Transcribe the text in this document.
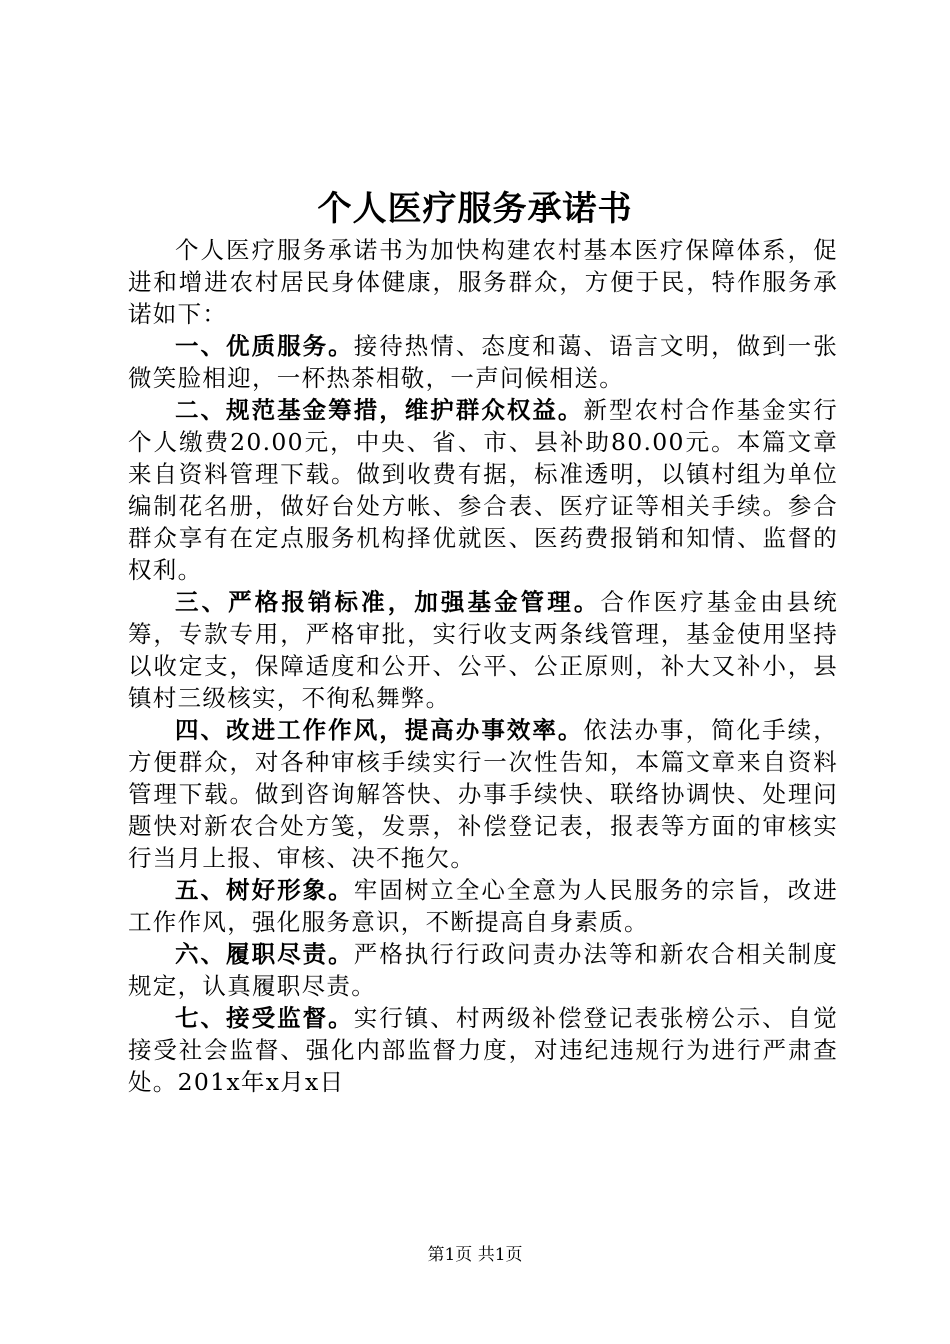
个人医疗服务承诺书

个人医疗服务承诺书为加快构建农村基本医疗保障体系，促进和增进农村居民身体健康，服务群众，方便于民，特作服务承诺如下：

一、优质服务。接待热情、态度和蔼、语言文明，做到一张微笑脸相迎，一杯热茶相敬，一声问候相送。

二、规范基金筹措，维护群众权益。新型农村合作基金实行个人缴费20.00元，中央、省、市、县补助80.00元。本篇文章来自资料管理下载。做到收费有据，标准透明，以镇村组为单位编制花名册，做好台处方帐、参合表、医疗证等相关手续。参合群众享有在定点服务机构择优就医、医药费报销和知情、监督的权利。

三、严格报销标准，加强基金管理。合作医疗基金由县统筹，专款专用，严格审批，实行收支两条线管理，基金使用坚持以收定支，保障适度和公开、公平、公正原则，补大又补小，县镇村三级核实，不徇私舞弊。

四、改进工作作风，提高办事效率。依法办事，简化手续，方便群众，对各种审核手续实行一次性告知，本篇文章来自资料管理下载。做到咨询解答快、办事手续快、联络协调快、处理问题快对新农合处方笺，发票，补偿登记表，报表等方面的审核实行当月上报、审核、决不拖欠。

五、树好形象。牢固树立全心全意为人民服务的宗旨，改进工作作风，强化服务意识，不断提高自身素质。

六、履职尽责。严格执行行政问责办法等和新农合相关制度规定，认真履职尽责。

七、接受监督。实行镇、村两级补偿登记表张榜公示、自觉接受社会监督、强化内部监督力度，对违纪违规行为进行严肃查处。201x年x月x日

第1页 共1页
